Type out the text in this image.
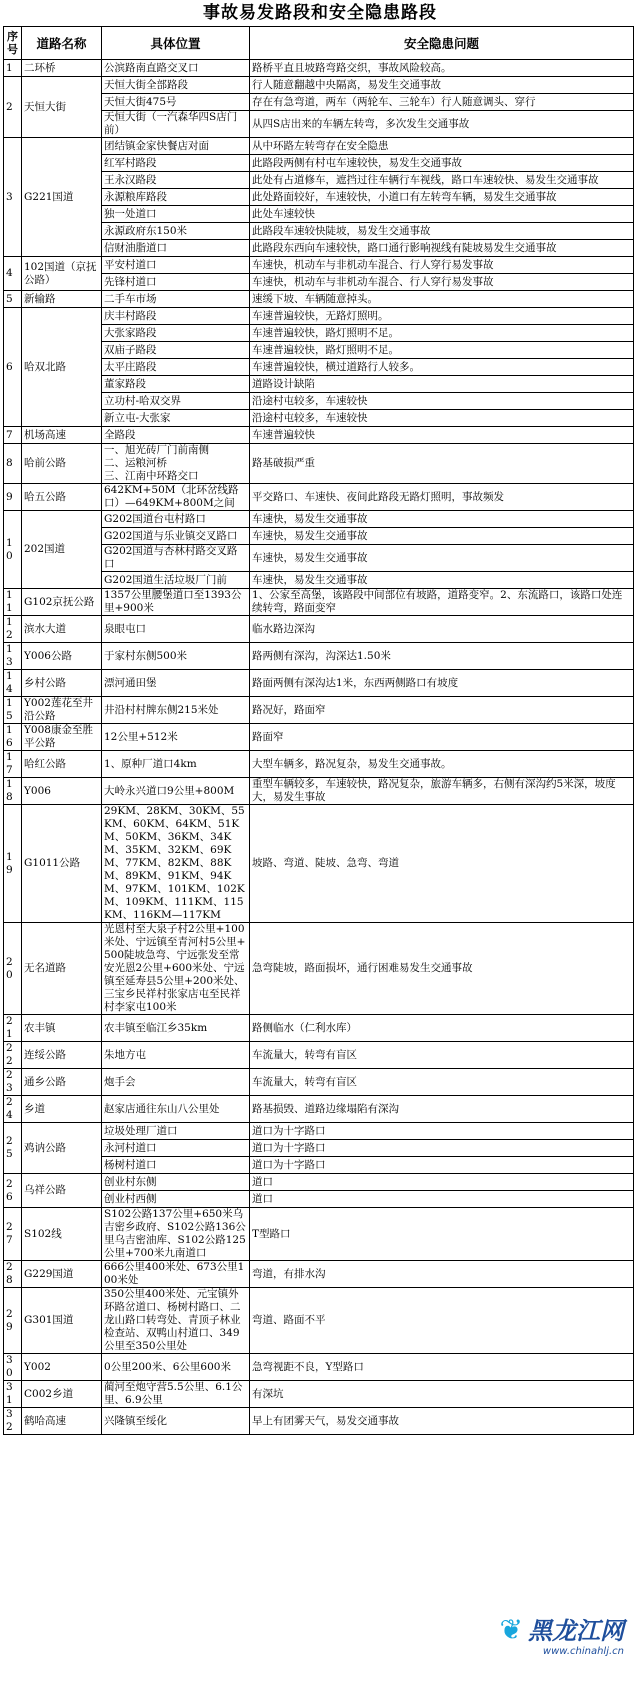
事故易发路段和安全隐患路段
序号	道路名称	具体位置	安全隐患问题
1	二环桥	公滨路南直路交叉口	路桥平直且坡路弯路交织，事故风险较高。
2	天恒大街	天恒大街全部路段	行人随意翻越中央隔离，易发生交通事故
		天恒大街475号	存在有急弯道，两车（两轮车、三轮车）行人随意调头、穿行
		天恒大街（一汽森华四S店门前）	从四S店出来的车辆左转弯，多次发生交通事故
3	G221国道	团结镇金家快餐店对面	从中环路左转弯存在安全隐患
		红军村路段	此路段两侧有村屯车速较快，易发生交通事故
		王永汉路段	此处有占道修车，遮挡过往车辆行车视线，路口车速较快、易发生交通事故
		永源粮库路段	此处路面较好，车速较快，小道口有左转弯车辆，易发生交通事故
		独一处道口	此处车速较快
		永源政府东150米	此路段车速较快陡坡，易发生交通事故
		信财油脂道口	此路段东西向车速较快，路口通行影响视线有陡坡易发生交通事故
4	102国道（京抚公路）	平安村道口	车速快，机动车与非机动车混合、行人穿行易发事故
		先锋村道口	车速快，机动车与非机动车混合、行人穿行易发事故
5	新输路	二手车市场	速缓下坡、车辆随意掉头。
6	哈双北路	庆丰村路段	车速普遍较快，无路灯照明。
		大张家路段	车速普遍较快，路灯照明不足。
		双庙子路段	车速普遍较快，路灯照明不足。
		太平庄路段	车速普遍较快，横过道路行人较多。
		董家路段	道路设计缺陷
		立功村-哈双交界	沿途村屯较多，车速较快
		新立屯-大张家	沿途村屯较多，车速较快
7	机场高速	全路段	车速普遍较快
8	哈前公路	一、旭光砖厂门前南侧
二、运粮河桥
三、江南中环路交口	路基破损严重
9	哈五公路	642KM+50M（北环岔线路口）—649KM+800M之间	平交路口、车速快、夜间此路段无路灯照明，事故频发
10	202国道	G202国道台屯村路口	车速快，易发生交通事故
		G202国道与乐业镇交叉路口	车速快，易发生交通事故
		G202国道与杏林村路交叉路口	车速快，易发生交通事故
		G202国道生活垃圾厂门前	车速快，易发生交通事故
11	G102京抚公路	1357公里腰堡道口至1393公里+900米	1、公家至高堡，该路段中间部位有坡路，道路变窄。2、东流路口，该路口处连续转弯，路面变窄
12	滨水大道	泉眼屯口	临水路边深沟
13	Y006公路	于家村东侧500米	路两侧有深沟，沟深达1.50米
14	乡村公路	漂河通田堡	路面两侧有深沟达1米，东西两侧路口有坡度
15	Y002莲花至井沿公路	井沿村村牌东侧215米处	路况好，路面窄
16	Y008康金至胜平公路	12公里+512米	路面窄
17	哈红公路	1、原种厂道口4km	大型车辆多，路况复杂，易发生交通事故。
18	Y006	大岭永兴道口9公里+800M	重型车辆较多，车速较快，路况复杂，旅游车辆多，右侧有深沟约5米深，坡度大，易发生事故
19	G1011公路	29KM、28KM、30KM、55KM、60KM、64KM、51KM、50KM、36KM、34KM、35KM、32KM、69KM、77KM、82KM、88KM、89KM、91KM、94KM、97KM、101KM、102KM、109KM、111KM、115KM、116KM—117KM	坡路、弯道、陡坡、急弯、弯道
20	无名道路	光恩村至大泉子村2公里+100米处、宁远镇至青河村5公里+500陡坡急弯、宁远张发至常安光恩2公里+600米处、宁远镇至延寿县5公里+200米处、三宝乡民祥村张家店屯至民祥村李家屯100米	急弯陡坡，路面损坏，通行困难易发生交通事故
21	农丰镇	农丰镇至临江乡35km	路侧临水（仁利水库）
22	连绥公路	朱地方屯	车流量大，转弯有盲区
23	通乡公路	炮手会	车流量大，转弯有盲区
24	乡道	赵家店通往东山八公里处	路基损毁、道路边缘塌陷有深沟
25	鸡讷公路	垃圾处理厂道口	道口为十字路口
		永河村道口	道口为十字路口
		杨树村道口	道口为十字路口
26	乌祥公路	创业村东侧	道口
		创业村西侧	道口
27	S102线	S102公路137公里+650米乌吉密乡政府、S102公路136公里乌吉密油库、S102公路125公里+700米九南道口	T型路口
28	G229国道	666公里400米处、673公里100米处	弯道，有排水沟
29	G301国道	350公里400米处、元宝镇外环路岔道口、杨树村路口、二龙山路口转弯处、青顶子林业检查站、双鸭山村道口、349公里至350公里处	弯道、路面不平
30	Y002	0公里200米、6公里600米	急弯视距不良，Y型路口
31	C002乡道	蔺河至炮守营5.5公里、6.1公里、6.9公里	有深坑
32	鹤哈高速	兴隆镇至绥化	早上有团雾天气，易发交通事故
❦ 黑龙江网
www.chinahlj.cn
